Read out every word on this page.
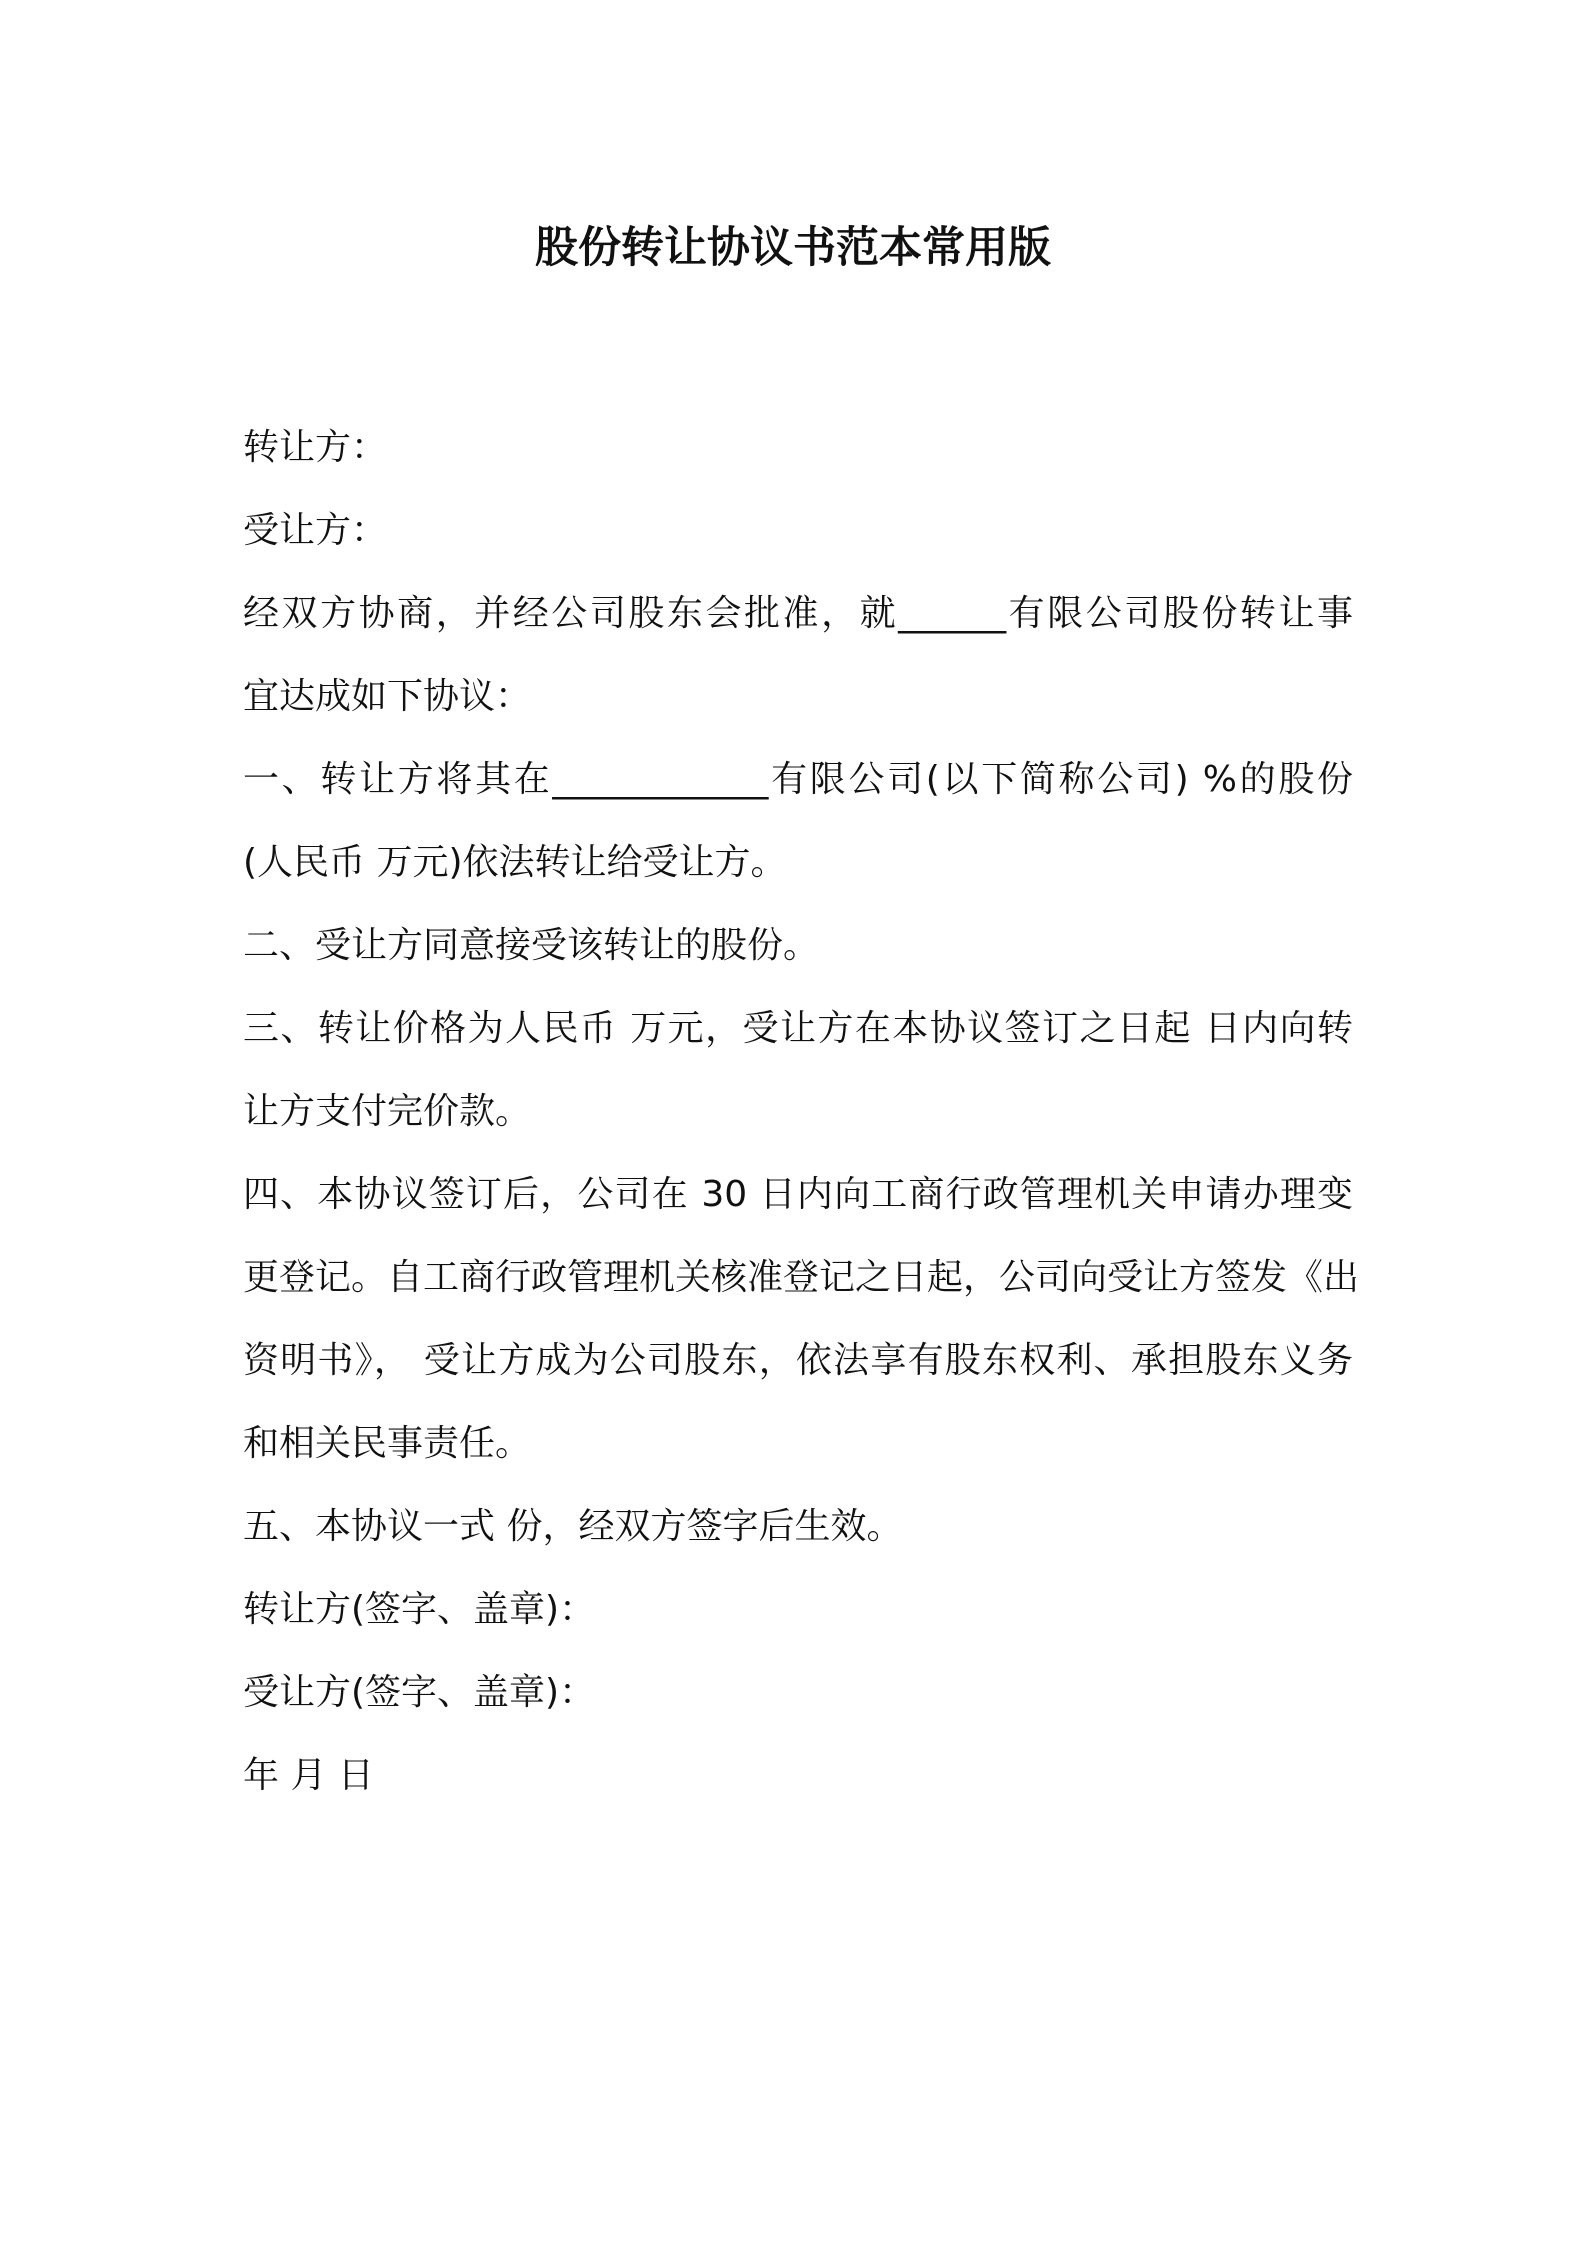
股份转让协议书范本常用版
转让方：
受让方：
经双方协商，并经公司股东会批准，就______有限公司股份转让事
宜达成如下协议：
一、转让方将其在____________有限公司(以下简称公司) %的股份
(人民币 万元)依法转让给受让方。
二、受让方同意接受该转让的股份。
三、转让价格为人民币 万元，受让方在本协议签订之日起 日内向转
让方支付完价款。
四、本协议签订后，公司在 30 日内向工商行政管理机关申请办理变
更登记。自工商行政管理机关核准登记之日起，公司向受让方签发《出
资明书》， 受让方成为公司股东，依法享有股东权利、承担股东义务
和相关民事责任。
五、本协议一式 份，经双方签字后生效。
转让方(签字、盖章)：
受让方(签字、盖章)：
年 月 日
